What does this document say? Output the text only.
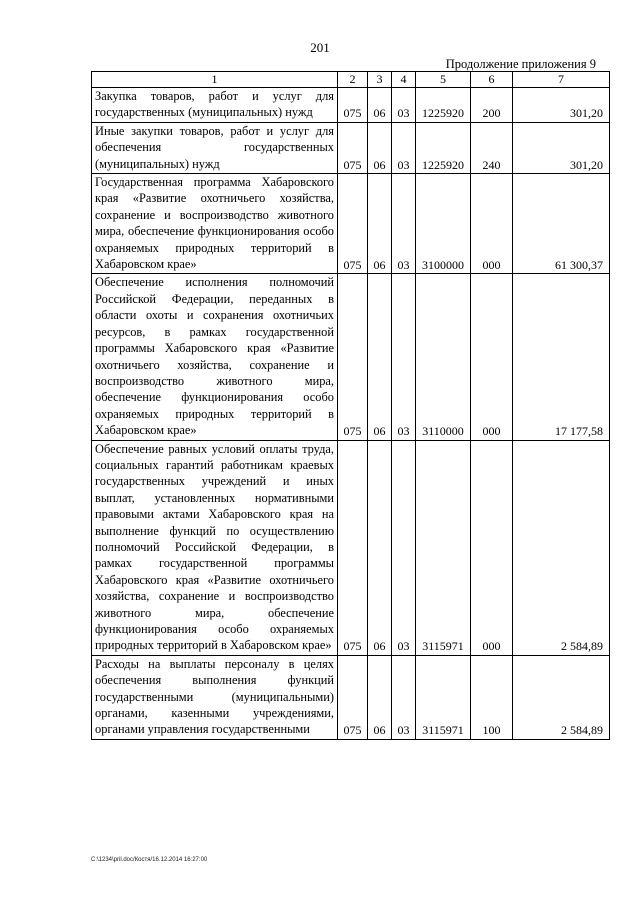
201
Продолжение приложения 9
1	2	3	4	5	6	7
Закупка товаров, работ и услуг для государственных (муниципальных) нужд	075	06	03	1225920	200	301,20
Иные закупки товаров, работ и услуг для обеспечения государственных (муниципальных) нужд	075	06	03	1225920	240	301,20
Государственная программа Хабаровского края «Развитие охотничьего хозяйства, сохранение и воспроизводство животного мира, обеспечение функционирования особо охраняемых природных территорий в Хабаровском крае»	075	06	03	3100000	000	61 300,37
Обеспечение исполнения полномочий Российской Федерации, переданных в области охоты и сохранения охотничьих ресурсов, в рамках государственной программы Хабаровского края «Развитие охотничьего хозяйства, сохранение и воспроизводство животного мира, обеспечение функционирования особо охраняемых природных территорий в Хабаровском крае»	075	06	03	3110000	000	17 177,58
Обеспечение равных условий оплаты труда, социальных гарантий работникам краевых государственных учреждений и иных выплат, установленных нормативными правовыми актами Хабаровского края на выполнение функций по осуществлению полномочий Российской Федерации, в рамках государственной программы Хабаровского края «Развитие охотничьего хозяйства, сохранение и воспроизводство животного мира, обеспечение функционирования особо охраняемых природных территорий в Хабаровском крае»	075	06	03	3115971	000	2 584,89
Расходы на выплаты персоналу в целях обеспечения выполнения функций государственными (муниципальными) органами, казенными учреждениями, органами управления государственными	075	06	03	3115971	100	2 584,89
C:\1234\pril.doc/Костя/16.12.2014 16:27:00
